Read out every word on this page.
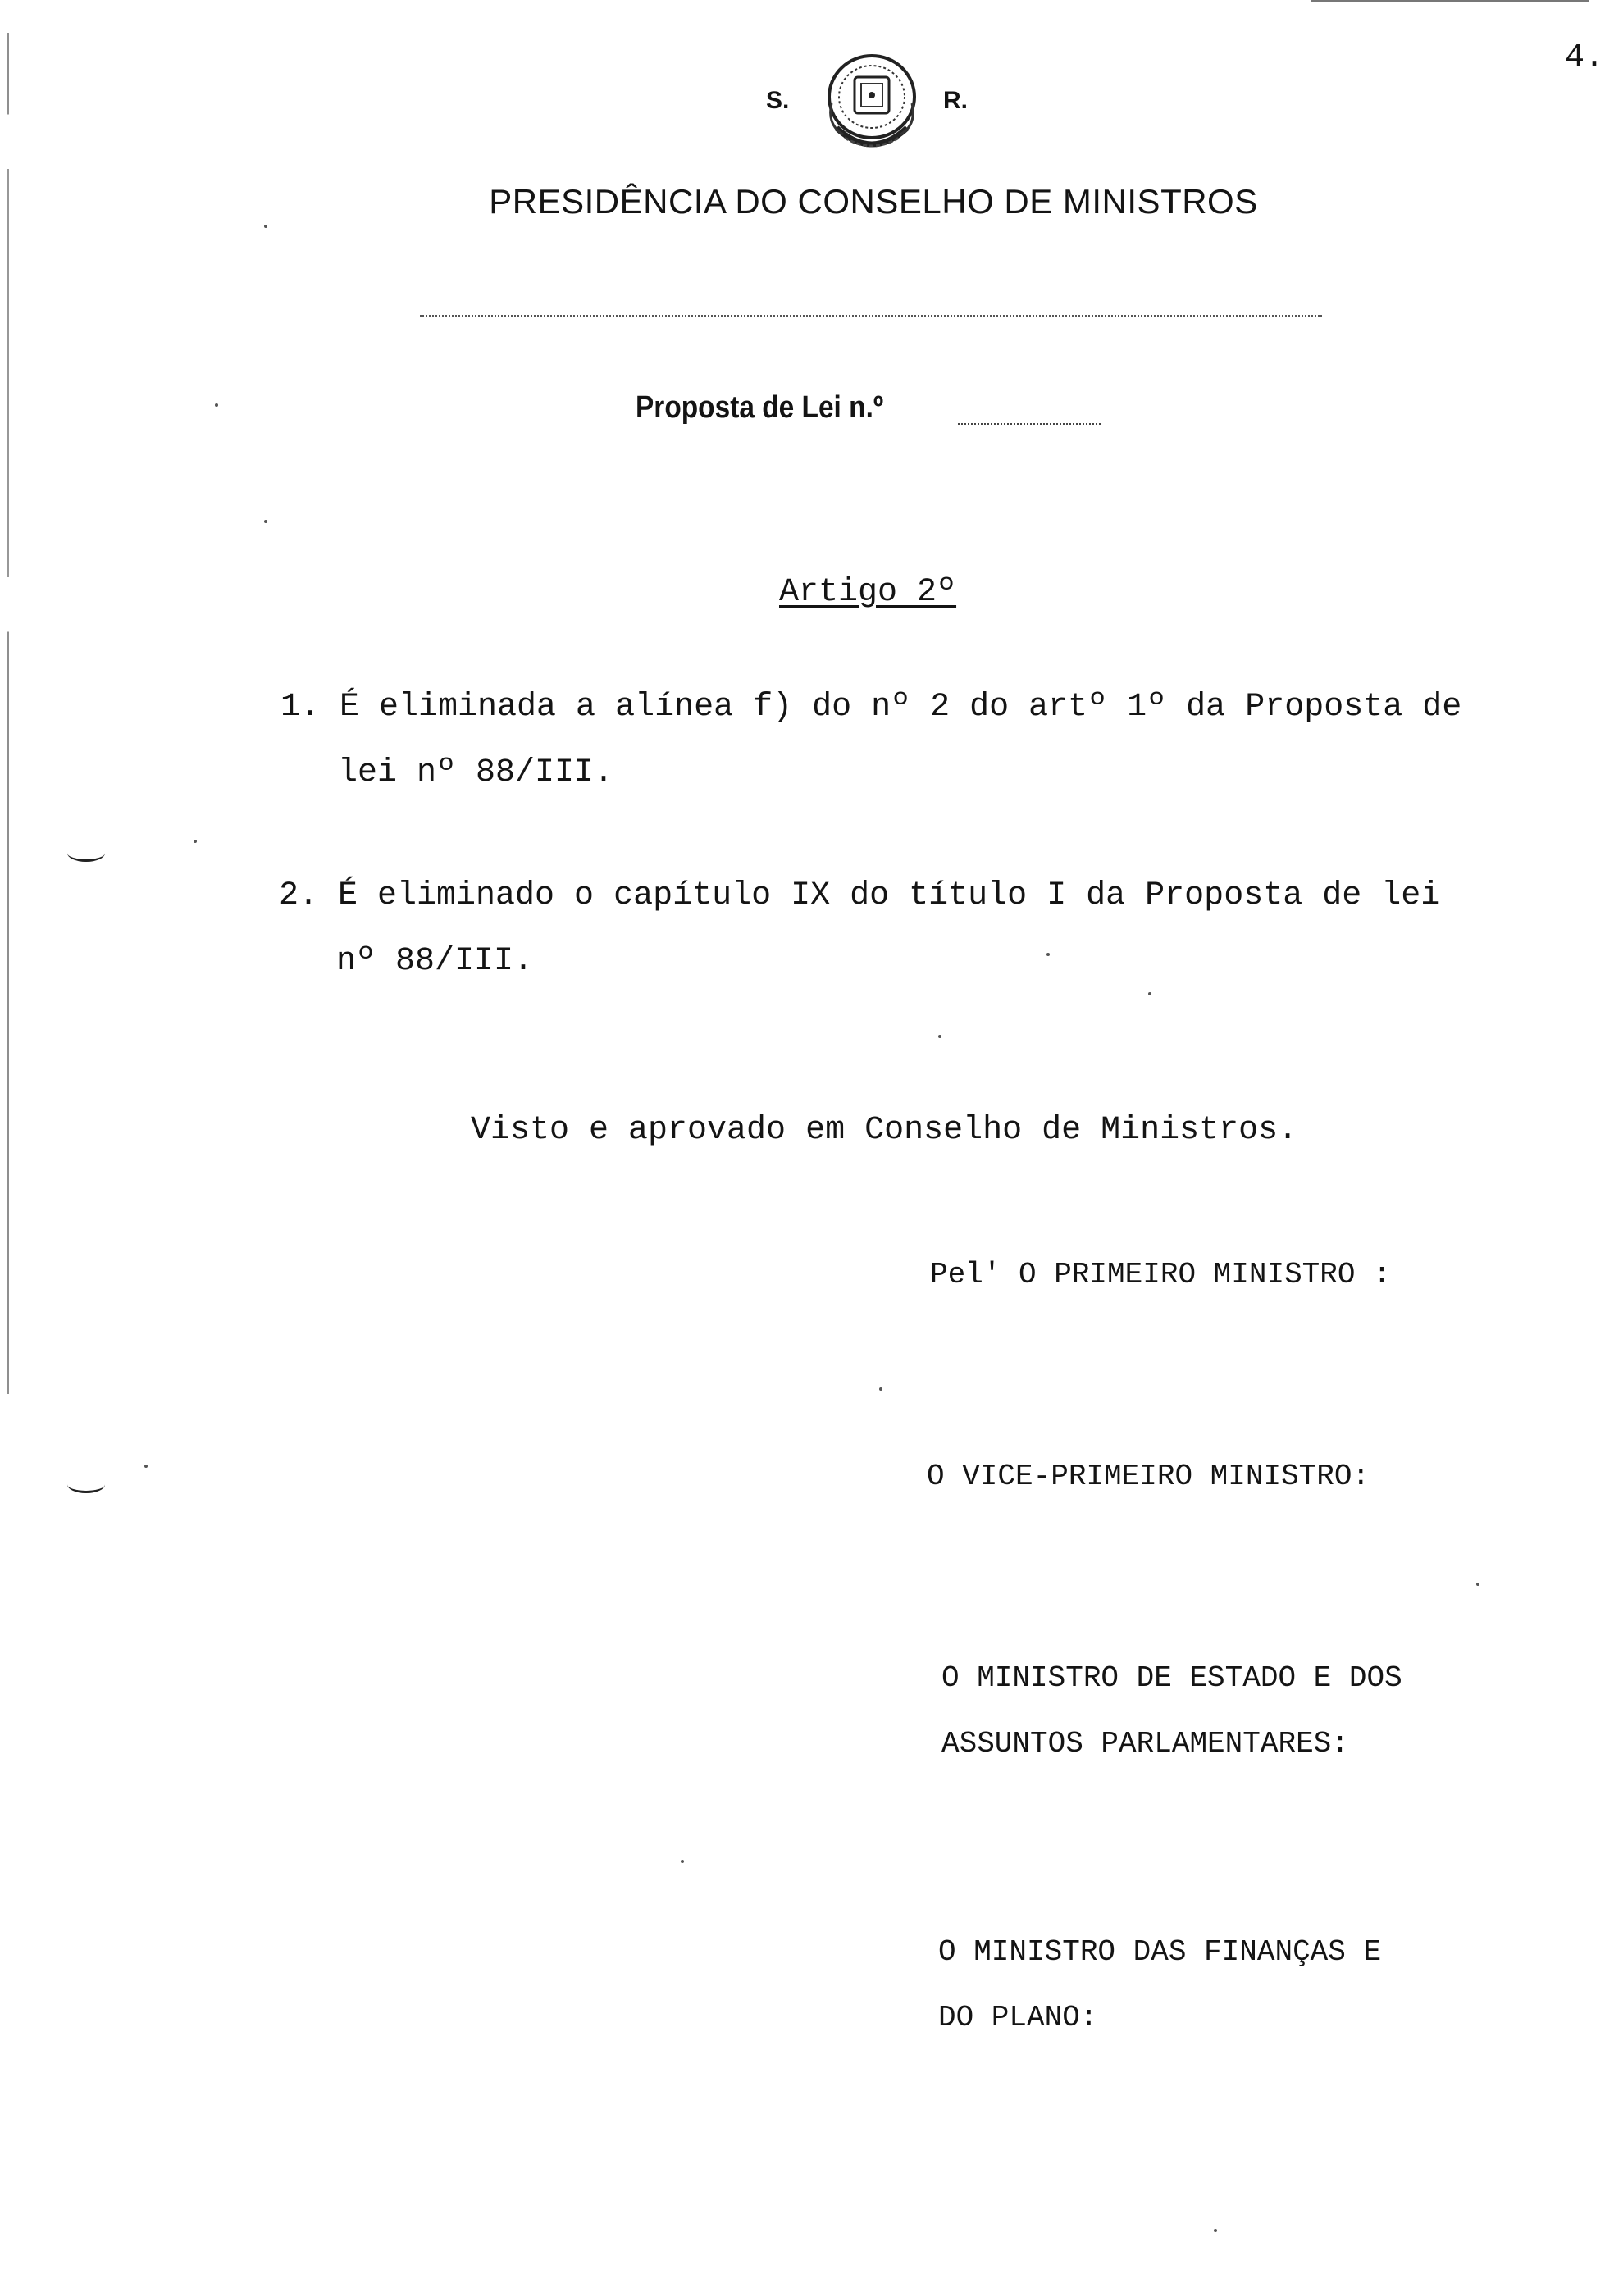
4.
S.	R.
PRESIDÊNCIA DO CONSELHO DE MINISTROS
Proposta de Lei n.º
Artigo 2º
1. É eliminada a alínea f) do nº 2 do artº 1º da Proposta de
lei nº 88/III.
2. É eliminado o capítulo IX do título I da Proposta de lei
nº 88/III.
Visto e aprovado em Conselho de Ministros.
Pel' O PRIMEIRO MINISTRO :
O VICE-PRIMEIRO MINISTRO:
O MINISTRO DE ESTADO E DOS
ASSUNTOS PARLAMENTARES:
O MINISTRO DAS FINANÇAS E
DO PLANO:
